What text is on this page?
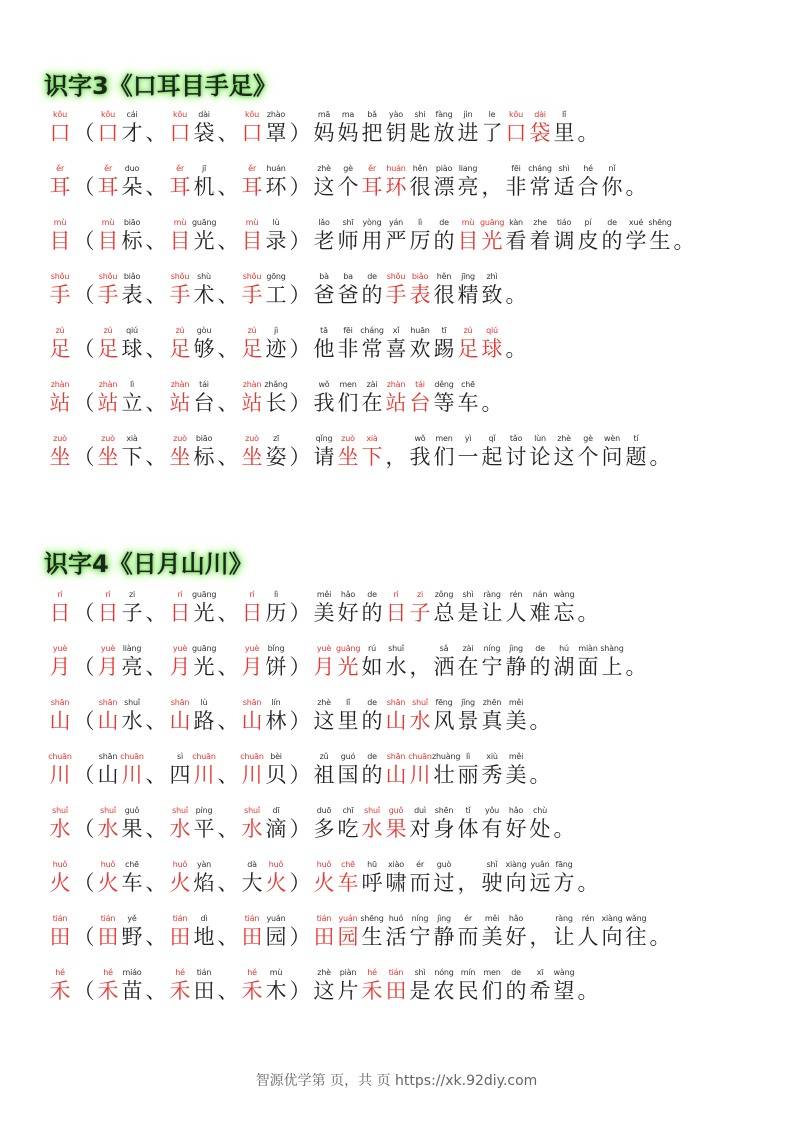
识字3《口耳目手足》
kǒu
口 （
kǒu
口
cái
才 、
kǒu
口
dài
袋 、
kǒu
口
zhào
罩 ）
mā
妈
ma
妈
bǎ
把
yào
钥
shi
匙
fàng
放
jìn
进
le
了
kǒu
口
dài
袋
lǐ
里 。
ěr
耳 （
ěr
耳
duo
朵 、
ěr
耳
jī
机 、
ěr
耳
huán
环 ）
zhè
这
gè
个
ěr
耳
huán
环
hěn
很
piào
漂
liang
亮 ，
fēi
非
cháng
常
shì
适
hé
合
nǐ
你 。
mù
目 （
mù
目
biāo
标 、
mù
目
guāng
光 、
mù
目
lù
录 ）
lǎo
老
shī
师
yòng
用
yán
严
lì
厉
de
的
mù
目
guāng
光
kàn
看
zhe
着
tiáo
调
pí
皮
de
的
xué
学
shēng
生 。
shǒu
手 （
shǒu
手
biǎo
表 、
shǒu
手
shù
术 、
shǒu
手
gōng
工 ）
bà
爸
ba
爸
de
的
shǒu
手
biǎo
表
hěn
很
jīng
精
zhì
致 。
zú
足 （
zú
足
qiú
球 、
zú
足
gòu
够 、
zú
足
jì
迹 ）
tā
他
fēi
非
cháng
常
xǐ
喜
huān
欢
tī
踢
zú
足
qiú
球 。
zhàn
站 （
zhàn
站
lì
立 、
zhàn
站
tái
台 、
zhàn
站
zhǎng
长 ）
wǒ
我
men
们
zài
在
zhàn
站
tái
台
děng
等
chē
车 。
zuò
坐 （
zuò
坐
xià
下 、
zuò
坐
biāo
标 、
zuò
坐
zī
姿 ）
qǐng
请
zuò
坐
xià
下 ，
wǒ
我
men
们
yì
一
qǐ
起
tǎo
讨
lùn
论
zhè
这
gè
个
wèn
问
tí
题 。
识字4《日月山川》
rì
日 （
rì
日
zi
子 、
rì
日
guāng
光 、
rì
日
lì
历 ）
měi
美
hǎo
好
de
的
rì
日
zi
子
zǒng
总
shì
是
ràng
让
rén
人
nán
难
wàng
忘 。
yuè
月 （
yuè
月
liàng
亮 、
yuè
月
guāng
光 、
yuè
月
bǐng
饼 ）
yuè
月
guāng
光
rú
如
shuǐ
水 ，
sǎ
洒
zài
在
níng
宁
jìng
静
de
的
hú
湖
miàn
面
shàng
上 。
shān
山 （
shān
山
shuǐ
水 、
shān
山
lù
路 、
shān
山
lín
林 ）
zhè
这
lǐ
里
de
的
shān
山
shuǐ
水
fēng
风
jǐng
景
zhēn
真
měi
美 。
chuān
川 （
shān
山
chuān
川 、
sì
四
chuān
川 、
chuān
川
bèi
贝 ）
zǔ
祖
guó
国
de
的
shān
山
chuān
川
zhuàng
壮
lì
丽
xiù
秀
měi
美 。
shuǐ
水 （
shuǐ
水
guǒ
果 、
shuǐ
水
píng
平 、
shuǐ
水
dī
滴 ）
duō
多
chī
吃
shuǐ
水
guǒ
果
duì
对
shēn
身
tǐ
体
yǒu
有
hǎo
好
chù
处 。
huǒ
火 （
huǒ
火
chē
车 、
huǒ
火
yàn
焰 、
dà
大
huǒ
火 ）
huǒ
火
chē
车
hū
呼
xiào
啸
ér
而
guò
过 ，
shǐ
驶
xiàng
向
yuǎn
远
fāng
方 。
tián
田 （
tián
田
yě
野 、
tián
田
dì
地 、
tián
田
yuán
园 ）
tián
田
yuán
园
shēng
生
huó
活
níng
宁
jìng
静
ér
而
měi
美
hǎo
好 ，
ràng
让
rén
人
xiàng
向
wǎng
往 。
hé
禾 （
hé
禾
miáo
苗 、
hé
禾
tián
田 、
hé
禾
mù
木 ）
zhè
这
piàn
片
hé
禾
tián
田
shì
是
nóng
农
mín
民
men
们
de
的
xī
希
wàng
望 。
智源优学第 页，共 页 https://xk.92diy.com
